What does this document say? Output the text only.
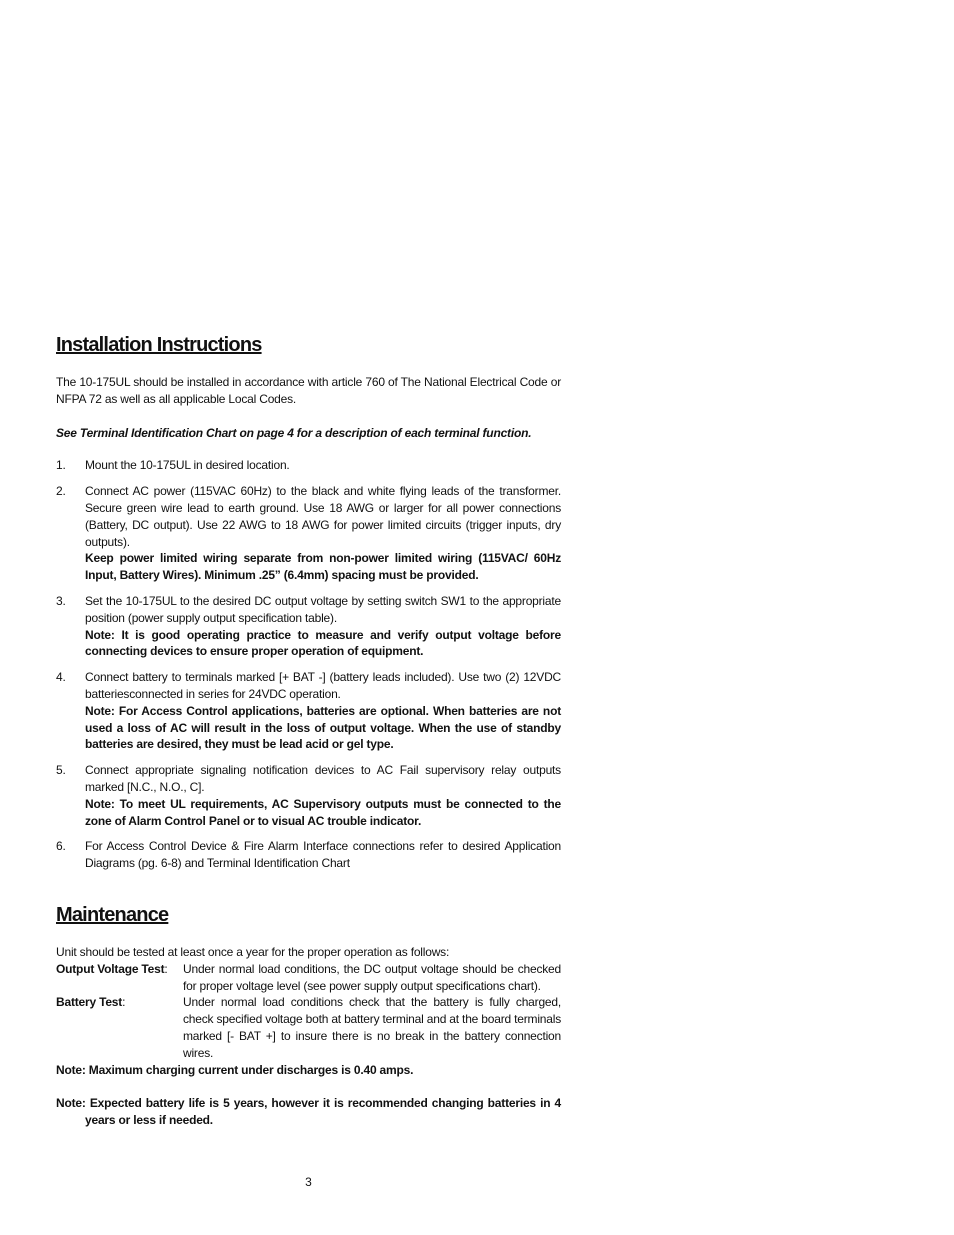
Installation Instructions

The 10-175UL should be installed in accordance with article 760 of The National Electrical Code or NFPA 72 as well as all applicable Local Codes.

See Terminal Identification Chart on page 4 for a description of each terminal function.

1. Mount the 10-175UL in desired location.
2. Connect AC power (115VAC 60Hz) to the black and white flying leads of the transformer. Secure green wire lead to earth ground. Use 18 AWG or larger for all power connections (Battery, DC output). Use 22 AWG to 18 AWG for power limited circuits (trigger inputs, dry outputs).
Keep power limited wiring separate from non-power limited wiring (115VAC/ 60Hz Input, Battery Wires). Minimum .25” (6.4mm) spacing must be provided.
3. Set the 10-175UL to the desired DC output voltage by setting switch SW1 to the appropriate position (power supply output specification table).
Note: It is good operating practice to measure and verify output voltage before connecting devices to ensure proper operation of equipment.
4. Connect battery to terminals marked [+ BAT -] (battery leads included). Use two (2) 12VDC batteriesconnected in series for 24VDC operation.
Note: For Access Control applications, batteries are optional. When batteries are not used a loss of AC will result in the loss of output voltage. When the use of standby batteries are desired, they must be lead acid or gel type.
5. Connect appropriate signaling notification devices to AC Fail supervisory relay outputs marked [N.C., N.O., C].
Note: To meet UL requirements, AC Supervisory outputs must be connected to the zone of Alarm Control Panel or to visual AC trouble indicator.
6. For Access Control Device & Fire Alarm Interface connections refer to desired Application Diagrams (pg. 6-8) and Terminal Identification Chart
Maintenance

Unit should be tested at least once a year for the proper operation as follows:

Output Voltage Test:	Under normal load conditions, the DC output voltage should be checked for proper voltage level (see power supply output specifications chart).
Battery Test:	Under normal load conditions check that the battery is fully charged, check specified voltage both at battery terminal and at the board terminals marked [- BAT +] to insure there is no break in the battery connection wires.

Note: Maximum charging current under discharges is 0.40 amps.

Note: Expected battery life is 5 years, however it is recommended changing batteries in 4 years or less if needed.

3
